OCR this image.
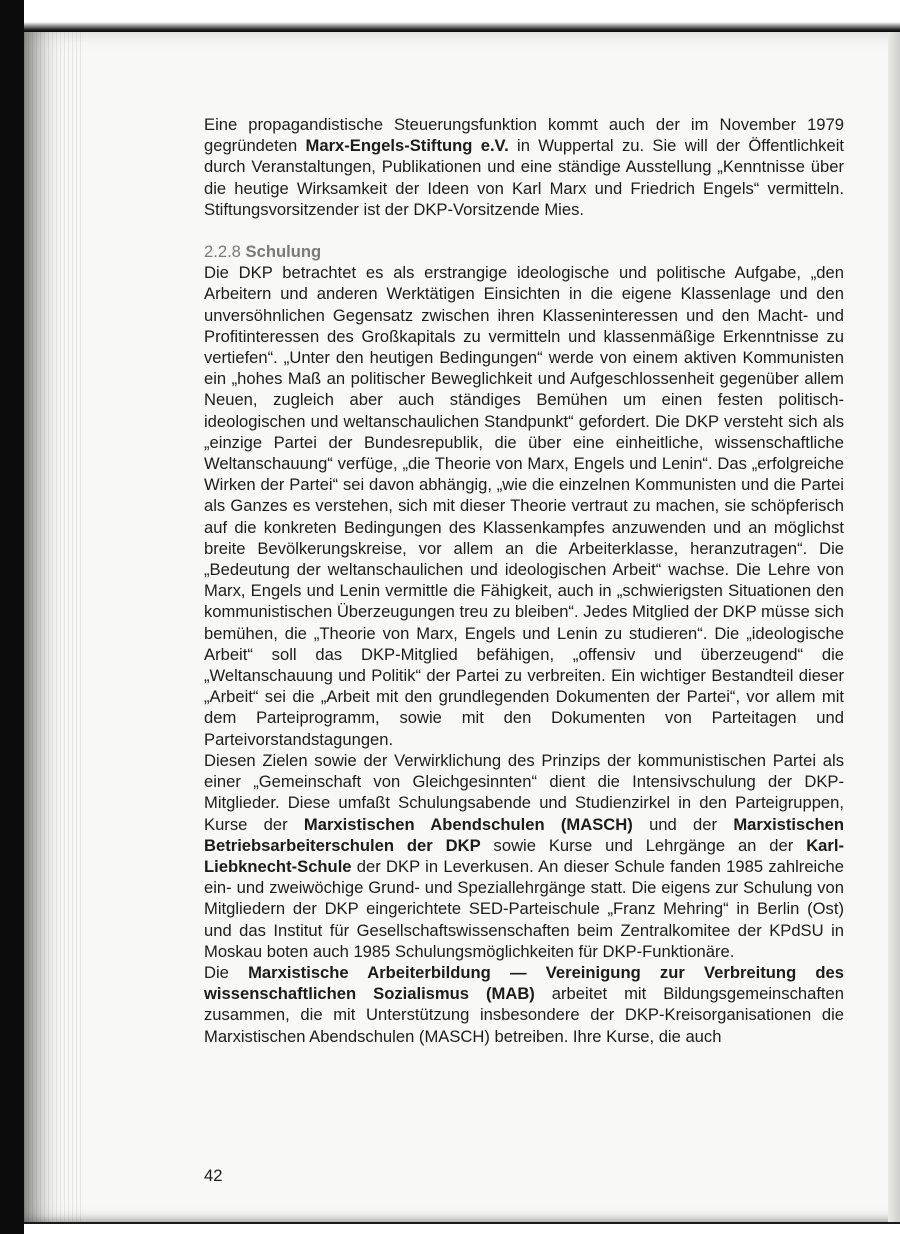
Eine propagandistische Steuerungsfunktion kommt auch der im November 1979 gegründeten Marx-Engels-Stiftung e.V. in Wuppertal zu. Sie will der Öffentlichkeit durch Veranstaltungen, Publikationen und eine ständige Ausstellung „Kenntnisse über die heutige Wirksamkeit der Ideen von Karl Marx und Friedrich Engels“ vermitteln. Stiftungsvorsitzender ist der DKP-Vorsitzende Mies.

2.2.8 Schulung

Die DKP betrachtet es als erstrangige ideologische und politische Aufgabe, „den Arbeitern und anderen Werktätigen Einsichten in die eigene Klassenlage und den unversöhnlichen Gegensatz zwischen ihren Klasseninteressen und den Macht- und Profitinteressen des Großkapitals zu vermitteln und klassenmäßige Erkenntnisse zu vertiefen“. „Unter den heutigen Bedingungen“ werde von einem aktiven Kommunisten ein „hohes Maß an politischer Beweglichkeit und Aufgeschlossenheit gegenüber allem Neuen, zugleich aber auch ständiges Bemühen um einen festen politisch-ideologischen und weltanschaulichen Standpunkt“ gefordert. Die DKP versteht sich als „einzige Partei der Bundesrepublik, die über eine einheitliche, wissenschaftliche Weltanschauung“ verfüge, „die Theorie von Marx, Engels und Lenin“. Das „erfolgreiche Wirken der Partei“ sei davon abhängig, „wie die einzelnen Kommunisten und die Partei als Ganzes es verstehen, sich mit dieser Theorie vertraut zu machen, sie schöpferisch auf die konkreten Bedingungen des Klassenkampfes anzuwenden und an möglichst breite Bevölkerungskreise, vor allem an die Arbeiterklasse, heranzutragen“. Die „Bedeutung der weltanschaulichen und ideologischen Arbeit“ wachse. Die Lehre von Marx, Engels und Lenin vermittle die Fähigkeit, auch in „schwierigsten Situationen den kommunistischen Überzeugungen treu zu bleiben“. Jedes Mitglied der DKP müsse sich bemühen, die „Theorie von Marx, Engels und Lenin zu studieren“. Die „ideologische Arbeit“ soll das DKP-Mitglied befähigen, „offensiv und überzeugend“ die „Weltanschauung und Politik“ der Partei zu verbreiten. Ein wichtiger Bestandteil dieser „Arbeit“ sei die „Arbeit mit den grundlegenden Dokumenten der Partei“, vor allem mit dem Parteiprogramm, sowie mit den Dokumenten von Parteitagen und Parteivorstandstagungen.

Diesen Zielen sowie der Verwirklichung des Prinzips der kommunistischen Partei als einer „Gemeinschaft von Gleichgesinnten“ dient die Intensivschulung der DKP-Mitglieder. Diese umfaßt Schulungsabende und Studienzirkel in den Parteigruppen, Kurse der Marxistischen Abendschulen (MASCH) und der Marxistischen Betriebsarbeiterschulen der DKP sowie Kurse und Lehrgänge an der Karl-Liebknecht-Schule der DKP in Leverkusen. An dieser Schule fanden 1985 zahlreiche ein- und zweiwöchige Grund- und Speziallehrgänge statt. Die eigens zur Schulung von Mitgliedern der DKP eingerichtete SED-Parteischule „Franz Mehring“ in Berlin (Ost) und das Institut für Gesellschaftswissenschaften beim Zentralkomitee der KPdSU in Moskau boten auch 1985 Schulungsmöglichkeiten für DKP-Funktionäre.

Die Marxistische Arbeiterbildung — Vereinigung zur Verbreitung des wissenschaftlichen Sozialismus (MAB) arbeitet mit Bildungsgemeinschaften zusammen, die mit Unterstützung insbesondere der DKP-Kreisorganisationen die Marxistischen Abendschulen (MASCH) betreiben. Ihre Kurse, die auch

42
